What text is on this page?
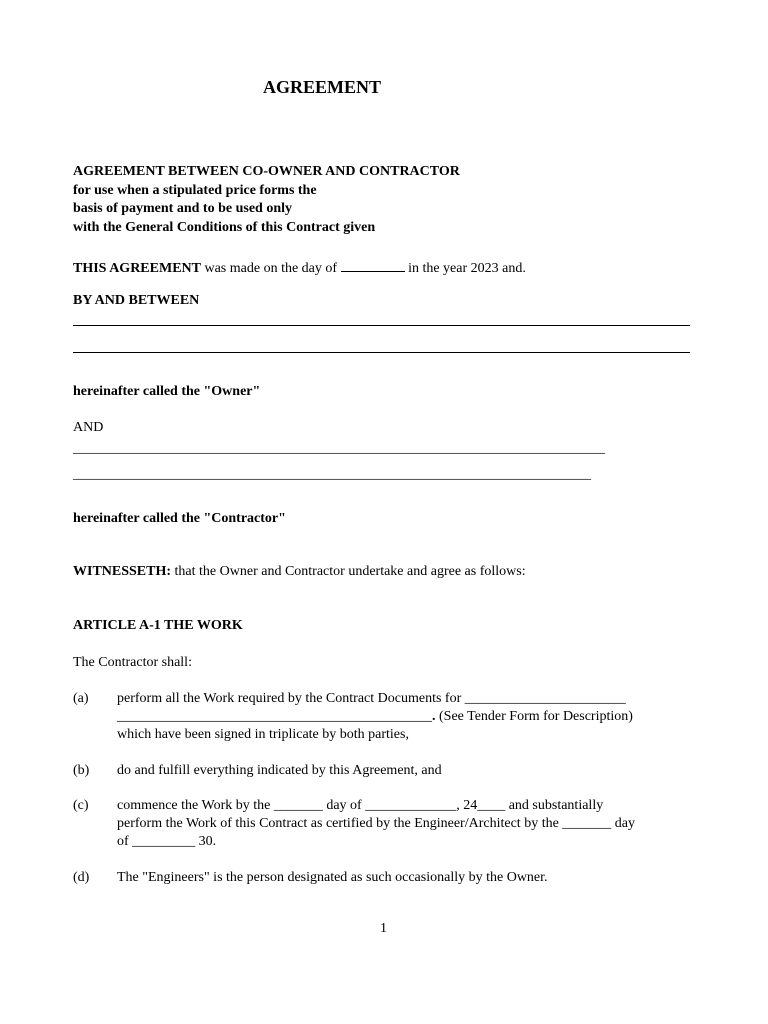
AGREEMENT
AGREEMENT BETWEEN CO-OWNER AND CONTRACTOR
for use when a stipulated price forms the
basis of payment and to be used only
with the General Conditions of this Contract given
THIS AGREEMENT was made on the day of	in the year 2023 and.
BY AND BETWEEN
hereinafter called the "Owner"
AND
____________________________________________________________________________
__________________________________________________________________________
hereinafter called the "Contractor"
WITNESSETH: that the Owner and Contractor undertake and agree as follows:
ARTICLE A-1 THE WORK
The Contractor shall:
(a)	perform all the Work required by the Contract Documents for _______________________
_____________________________________________. (See Tender Form for Description)
which have been signed in triplicate by both parties,
(b)	do and fulfill everything indicated by this Agreement, and
(c)	commence the Work by the _______ day of _____________, 24____ and substantially
perform the Work of this Contract as certified by the Engineer/Architect by the _______ day
of _________ 30.
(d)	The "Engineers" is the person designated as such occasionally by the Owner.
1
